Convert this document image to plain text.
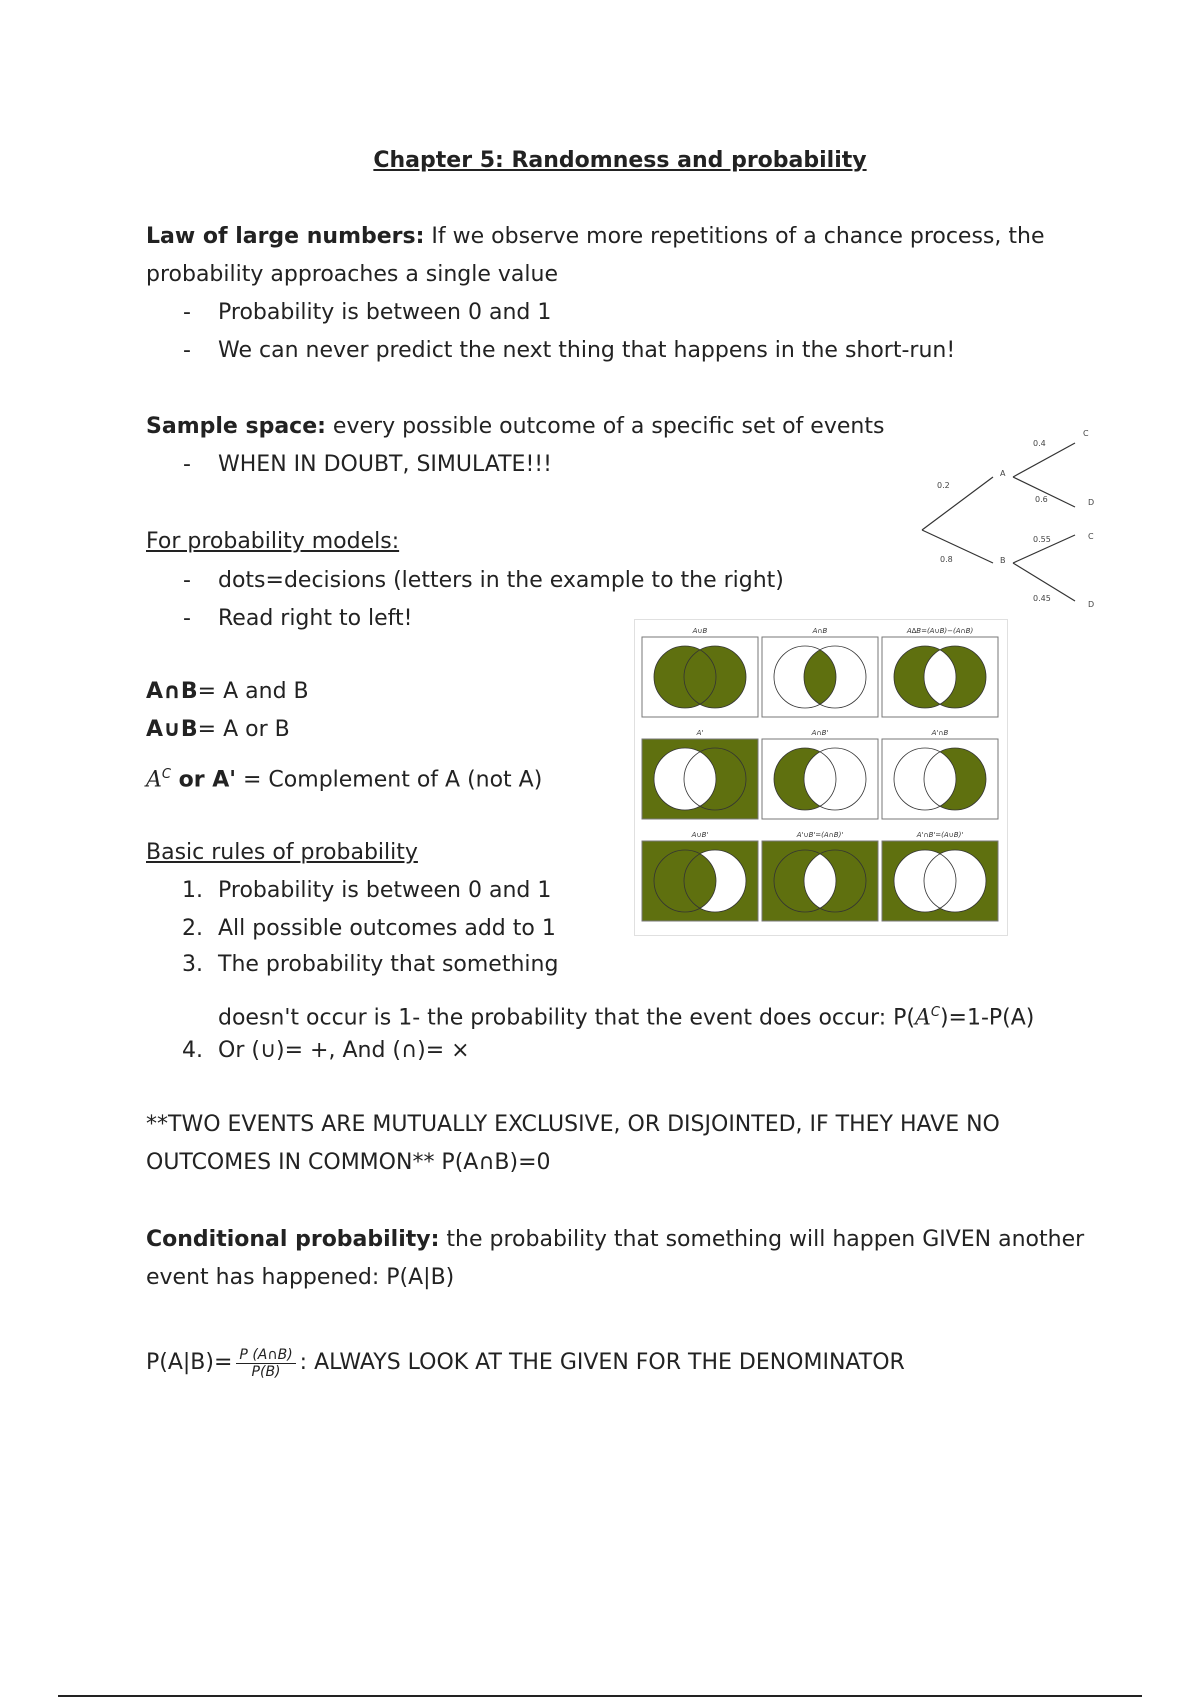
Chapter 5: Randomness and probability
Law of large numbers: If we observe more repetitions of a chance process, the
probability approaches a single value
- Probability is between 0 and 1
- We can never predict the next thing that happens in the short-run!
Sample space: every possible outcome of a specific set of events
- WHEN IN DOUBT, SIMULATE!!!
For probability models:
- dots=decisions (letters in the example to the right)
- Read right to left!
0.4
C
A
0.2
0.6	D
0.55	C
0.8	B
0.45
D
A∩B= A and B
A∪B= A or B
$A^C$ or A' = Complement of A (not A)
A∪B	A∩B	A∆B=(A∪B)−(A∩B)
A'	A∩B'	A'∩B
A∪B'	A'∪B'=(A∩B)'	A'∩B'=(A∪B)'
Basic rules of probability
1. Probability is between 0 and 1
2. All possible outcomes add to 1
3. The probability that something
doesn't occur is 1- the probability that the event does occur: $P(A^C)=1-P(A)$
4. Or (∪)= +, And (∩)= ×
**TWO EVENTS ARE MUTUALLY EXCLUSIVE, OR DISJOINTED, IF THEY HAVE NO
OUTCOMES IN COMMON** P(A∩B)=0
Conditional probability: the probability that something will happen GIVEN another
event has happened: P(A|B)
$P(A|B)= \frac{P (A\cap B)}{P(B)}$ : ALWAYS LOOK AT THE GIVEN FOR THE DENOMINATOR
